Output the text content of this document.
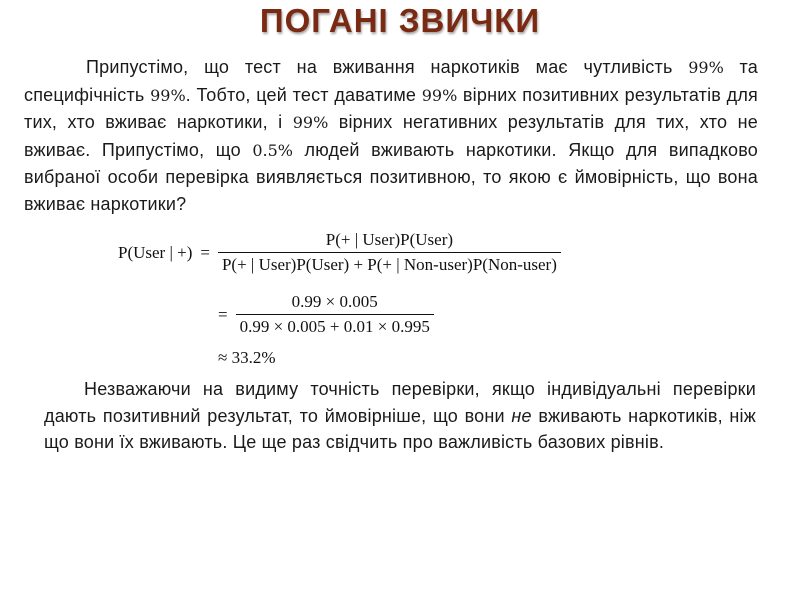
ПОГАНІ ЗВИЧКИ
Припустімо, що тест на вживання наркотиків має чутливість 99% та специфічність 99%. Тобто, цей тест даватиме 99% вірних позитивних результатів для тих, хто вживає наркотики, і 99% вірних негативних результатів для тих, хто не вживає. Припустімо, що 0.5% людей вживають наркотики. Якщо для випадково вибраної особи перевірка виявляється позитивною, то якою є ймовірність, що вона вживає наркотики?
P(User | +) = $\frac{\text{P(+ | User)P(User)}}{\text{P(+ | User)P(User) + P(+ | Non-user)P(Non-user)}}$
= $\frac{0.99 \times 0.005}{0.99 \times 0.005 + 0.01 \times 0.995}$
≈ 33.2%
Незважаючи на видиму точність перевірки, якщо індивідуальні перевірки дають позитивний результат, то ймовірніше, що вони не вживають наркотиків, ніж що вони їх вживають. Це ще раз свідчить про важливість базових рівнів.
